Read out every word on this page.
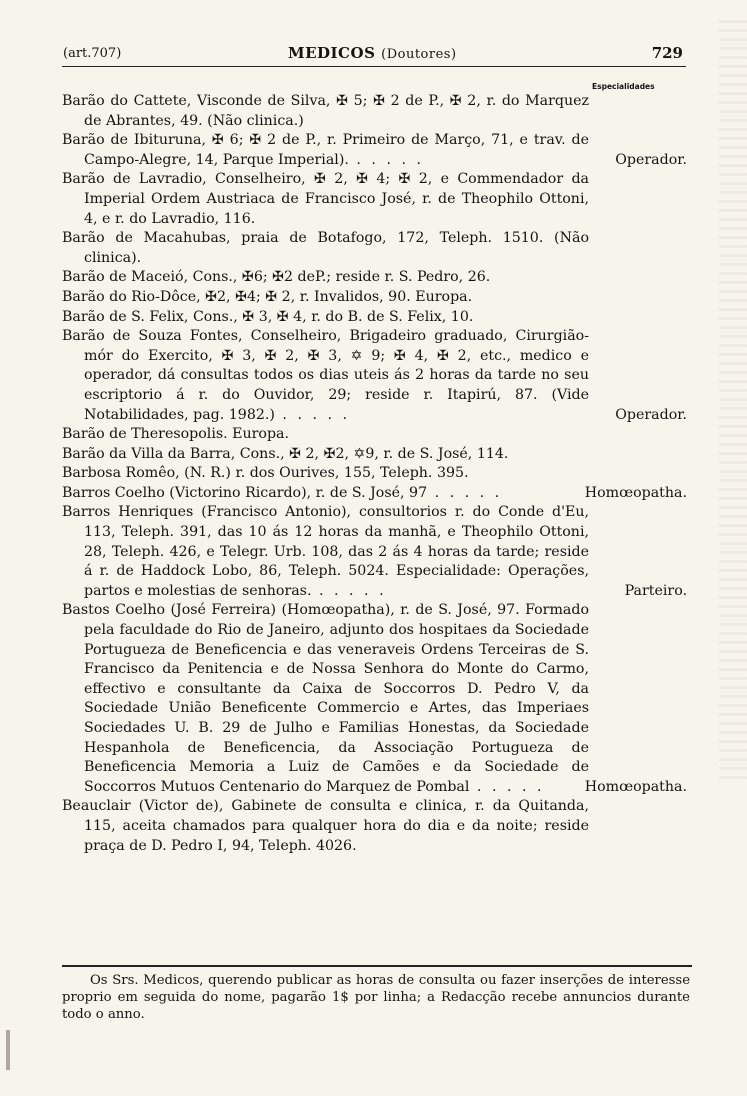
(art.707)	MEDICOS (Doutores)	729
Especialidades
Barão do Cattete, Visconde de Silva, ✠ 5; ✠ 2 de P., ✠ 2, r. do Marquez de Abrantes, 49. (Não clinica.)
Barão de Ibituruna, ✠ 6; ✠ 2 de P., r. Primeiro de Março, 71, e trav. de Campo-Alegre, 14, Parque Imperial). . . . . .	Operador.
Barão de Lavradio, Conselheiro, ✠ 2, ✠ 4; ✠ 2, e Commendador da Imperial Ordem Austriaca de Francisco José, r. de Theophilo Ottoni, 4, e r. do Lavradio, 116.
Barão de Macahubas, praia de Botafogo, 172, Teleph. 1510. (Não clinica).
Barão de Maceió, Cons., ✠6; ✠2 deP.; reside r. S. Pedro, 26.
Barão do Rio-Dôce, ✠2, ✠4; ✠ 2, r. Invalidos, 90. Europa.
Barão de S. Felix, Cons., ✠ 3, ✠ 4, r. do B. de S. Felix, 10.
Barão de Souza Fontes, Conselheiro, Brigadeiro graduado, Cirurgião-mór do Exercito, ✠ 3, ✠ 2, ✠ 3, ✡ 9; ✠ 4, ✠ 2, etc., medico e operador, dá consultas todos os dias uteis ás 2 horas da tarde no seu escriptorio á r. do Ouvidor, 29; reside r. Itapirú, 87. (Vide Notabilidades, pag. 1982.) . . . . .	Operador.
Barão de Theresopolis. Europa.
Barão da Villa da Barra, Cons., ✠ 2, ✠2, ✡9, r. de S. José, 114.
Barbosa Romêo, (N. R.) r. dos Ourives, 155, Teleph. 395.
Barros Coelho (Victorino Ricardo), r. de S. José, 97 . . . . .	Homœopatha.
Barros Henriques (Francisco Antonio), consultorios r. do Conde d'Eu, 113, Teleph. 391, das 10 ás 12 horas da manhã, e Theophilo Ottoni, 28, Teleph. 426, e Telegr. Urb. 108, das 2 ás 4 horas da tarde; reside á r. de Haddock Lobo, 86, Teleph. 5024. Especialidade: Operações, partos e molestias de senhoras. . . . . .	Parteiro.
Bastos Coelho (José Ferreira) (Homœopatha), r. de S. José, 97. Formado pela faculdade do Rio de Janeiro, adjunto dos hospitaes da Sociedade Portugueza de Beneficencia e das veneraveis Ordens Terceiras de S. Francisco da Penitencia e de Nossa Senhora do Monte do Carmo, effectivo e consultante da Caixa de Soccorros D. Pedro V, da Sociedade União Beneficente Commercio e Artes, das Imperiaes Sociedades U. B. 29 de Julho e Familias Honestas, da Sociedade Hespanhola de Beneficencia, da Associação Portugueza de Beneficencia Memoria a Luiz de Camões e da Sociedade de Soccorros Mutuos Centenario do Marquez de Pombal . . . . .	Homœopatha.
Beauclair (Victor de), Gabinete de consulta e clinica, r. da Quitanda, 115, aceita chamados para qualquer hora do dia e da noite; reside praça de D. Pedro I, 94, Teleph. 4026.
Os Srs. Medicos, querendo publicar as horas de consulta ou fazer inserções de interesse proprio em seguida do nome, pagarão 1$ por linha; a Redacção recebe annuncios durante todo o anno.
